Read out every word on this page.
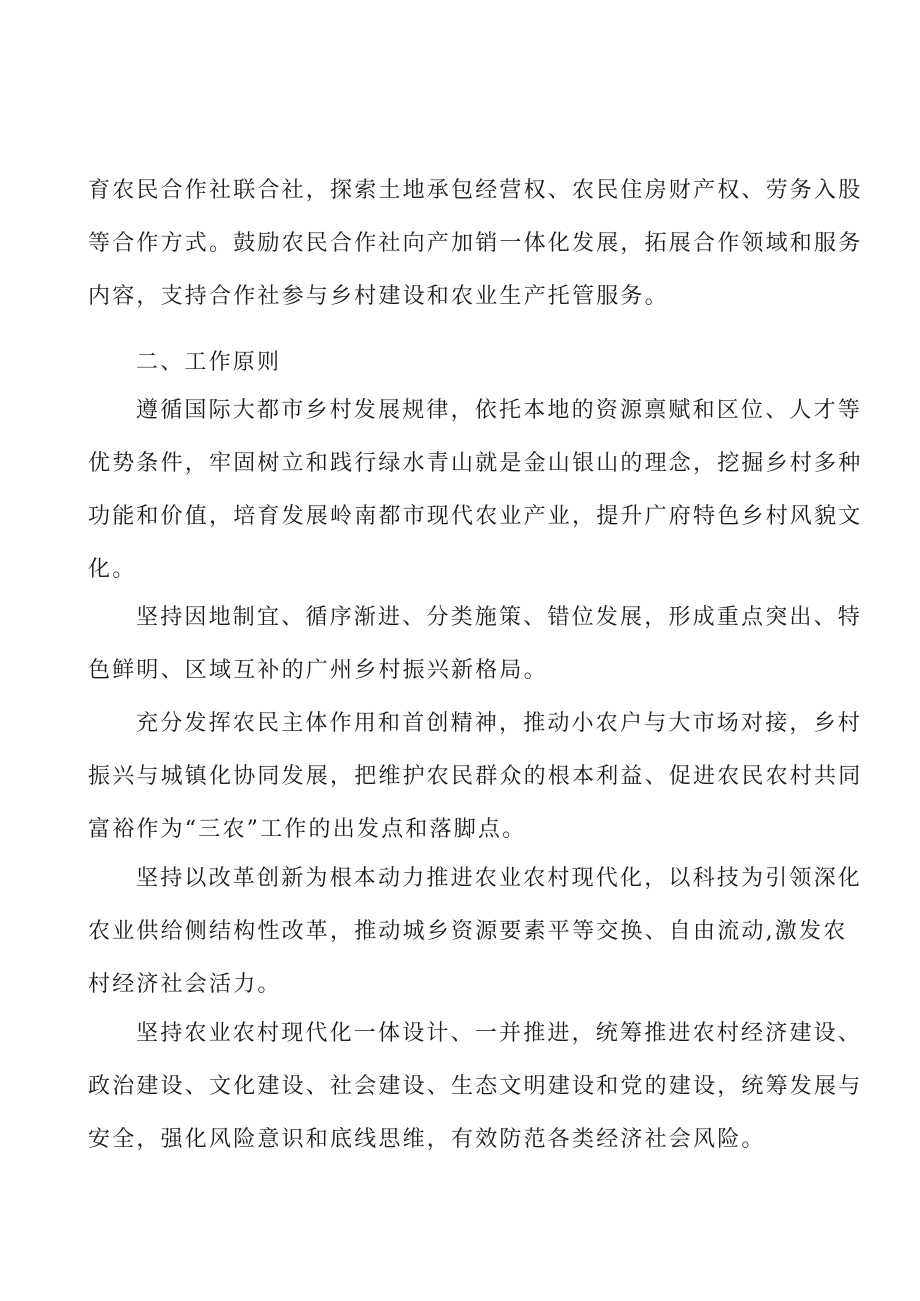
育农民合作社联合社，探索土地承包经营权、农民住房财产权、劳务入股
等合作方式。鼓励农民合作社向产加销一体化发展，拓展合作领域和服务
内容，支持合作社参与乡村建设和农业生产托管服务。

二、工作原则

遵循国际大都市乡村发展规律，依托本地的资源禀赋和区位、人才等
优势条件，牢固树立和践行绿水青山就是金山银山的理念，挖掘乡村多种
功能和价值，培育发展岭南都市现代农业产业，提升广府特色乡村风貌文
化。

坚持因地制宜、循序渐进、分类施策、错位发展，形成重点突出、特
色鲜明、区域互补的广州乡村振兴新格局。

充分发挥农民主体作用和首创精神，推动小农户与大市场对接，乡村
振兴与城镇化协同发展，把维护农民群众的根本利益、促进农民农村共同
富裕作为“三农”工作的出发点和落脚点。

坚持以改革创新为根本动力推进农业农村现代化，以科技为引领深化
农业供给侧结构性改革，推动城乡资源要素平等交换、自由流动,激发农
村经济社会活力。

坚持农业农村现代化一体设计、一并推进，统筹推进农村经济建设、
政治建设、文化建设、社会建设、生态文明建设和党的建设，统筹发展与
安全，强化风险意识和底线思维，有效防范各类经济社会风险。
